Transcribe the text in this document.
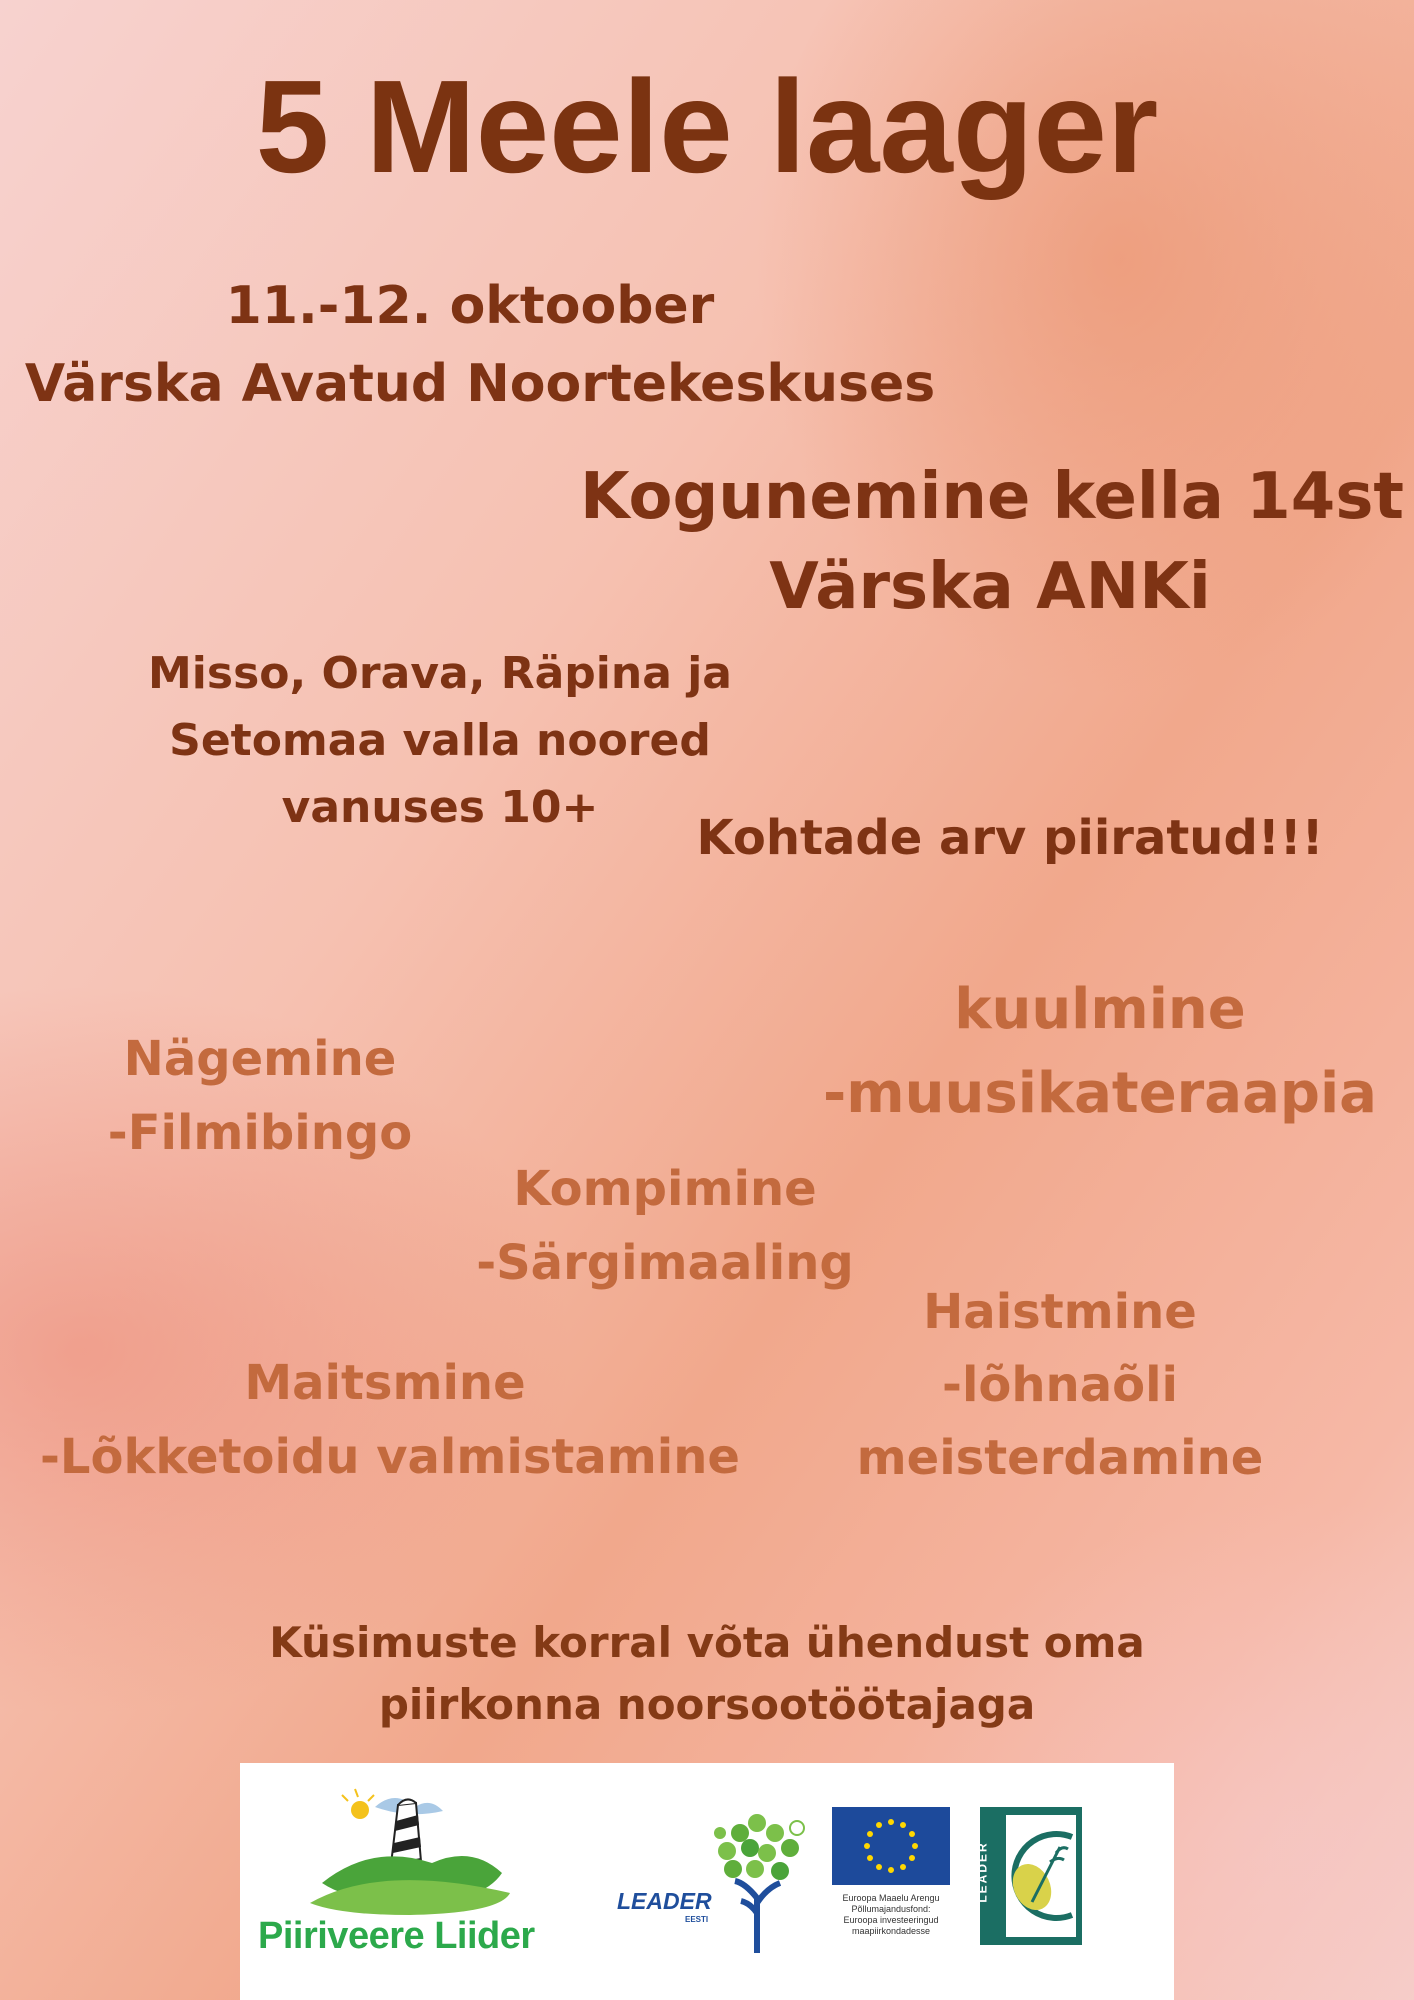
5 Meele laager
11.-12. oktoober
Värska Avatud Noortekeskuses
Kogunemine kella 14st
Värska ANKi
Misso, Orava, Räpina ja
Setomaa valla noored
vanuses 10+
Kohtade arv piiratud!!!
kuulmine
-muusikateraapia
Nägemine
-Filmibingo
Kompimine
-Särgimaaling
Haistmine
-lõhnaõli
meisterdamine
Maitsmine
-Lõkketoidu valmistamine
Küsimuste korral võta ühendust oma
piirkonna noorsootöötajaga
Piiriveere Liider
LEADER
EESTI
Euroopa Maaelu Arengu
Põllumajandusfond:
Euroopa investeeringud
maapiirkondadesse
LEADER
